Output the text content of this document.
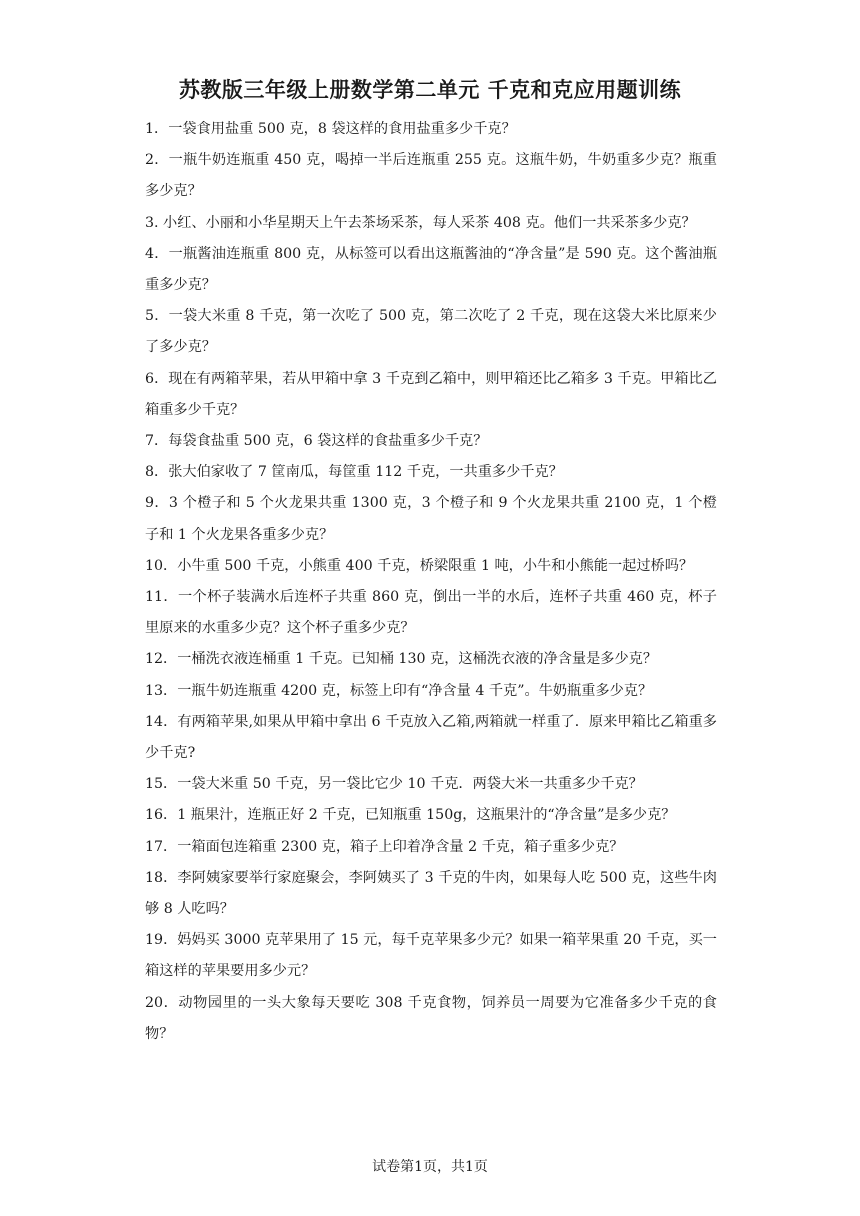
苏教版三年级上册数学第二单元 千克和克应用题训练
1．一袋食用盐重 500 克，8 袋这样的食用盐重多少千克？
2．一瓶牛奶连瓶重 450 克，喝掉一半后连瓶重 255 克。这瓶牛奶，牛奶重多少克？瓶重多少克？
3. 小红、小丽和小华星期天上午去茶场采茶，每人采茶 408 克。他们一共采茶多少克？
4．一瓶酱油连瓶重 800 克，从标签可以看出这瓶酱油的“净含量”是 590 克。这个酱油瓶重多少克？
5．一袋大米重 8 千克，第一次吃了 500 克，第二次吃了 2 千克，现在这袋大米比原来少了多少克？
6．现在有两箱苹果，若从甲箱中拿 3 千克到乙箱中，则甲箱还比乙箱多 3 千克。甲箱比乙箱重多少千克？
7．每袋食盐重 500 克，6 袋这样的食盐重多少千克？
8．张大伯家收了 7 筐南瓜，每筐重 112 千克，一共重多少千克？
9．3 个橙子和 5 个火龙果共重 1300 克，3 个橙子和 9 个火龙果共重 2100 克，1 个橙子和 1 个火龙果各重多少克？
10．小牛重 500 千克，小熊重 400 千克，桥梁限重 1 吨，小牛和小熊能一起过桥吗？
11．一个杯子装满水后连杯子共重 860 克，倒出一半的水后，连杯子共重 460 克，杯子里原来的水重多少克？这个杯子重多少克？
12．一桶洗衣液连桶重 1 千克。已知桶 130 克，这桶洗衣液的净含量是多少克？
13．一瓶牛奶连瓶重 4200 克，标签上印有“净含量 4 千克”。牛奶瓶重多少克？
14．有两箱苹果,如果从甲箱中拿出 6 千克放入乙箱,两箱就一样重了．原来甲箱比乙箱重多少千克?
15．一袋大米重 50 千克，另一袋比它少 10 千克．两袋大米一共重多少千克？
16．1 瓶果汁，连瓶正好 2 千克，已知瓶重 150g，这瓶果汁的“净含量”是多少克？
17．一箱面包连箱重 2300 克，箱子上印着净含量 2 千克，箱子重多少克？
18．李阿姨家要举行家庭聚会，李阿姨买了 3 千克的牛肉，如果每人吃 500 克，这些牛肉够 8 人吃吗？
19．妈妈买 3000 克苹果用了 15 元，每千克苹果多少元？如果一箱苹果重 20 千克，买一箱这样的苹果要用多少元？
20．动物园里的一头大象每天要吃 308 千克食物，饲养员一周要为它准备多少千克的食物？
试卷第1页，共1页
